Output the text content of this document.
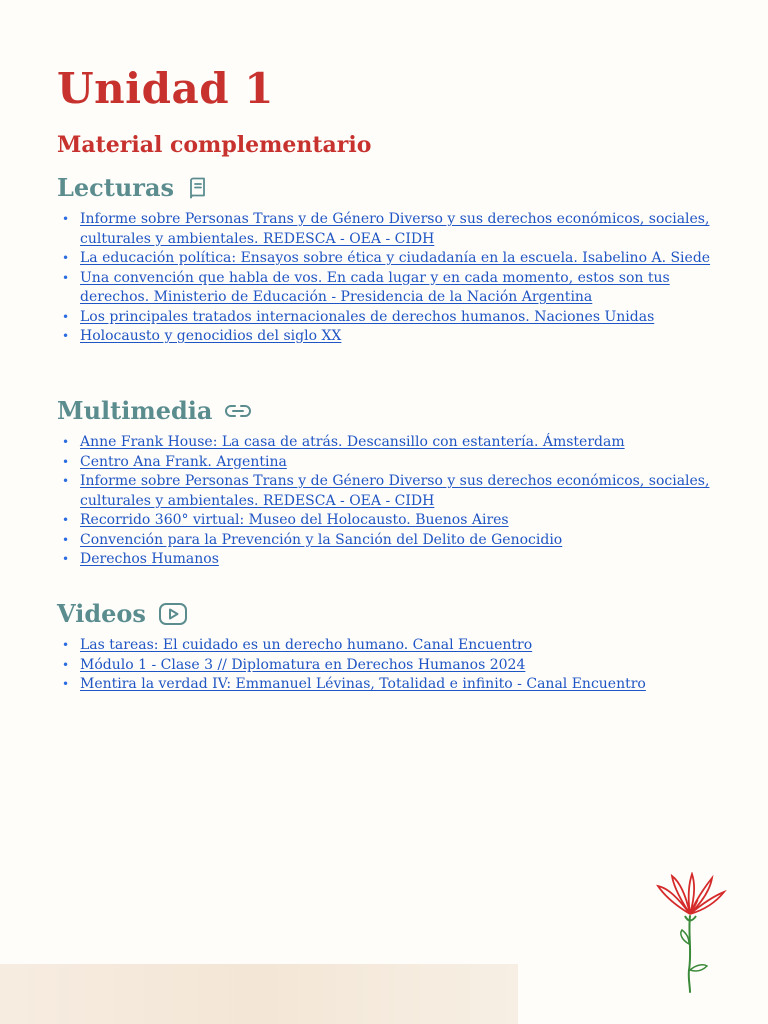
Unidad 1
Material complementario
Lecturas
• Informe sobre Personas Trans y de Género Diverso y sus derechos económicos, sociales, culturales y ambientales. REDESCA - OEA - CIDH
• La educación política: Ensayos sobre ética y ciudadanía en la escuela. Isabelino A. Siede
• Una convención que habla de vos. En cada lugar y en cada momento, estos son tus derechos. Ministerio de Educación - Presidencia de la Nación Argentina
• Los principales tratados internacionales de derechos humanos. Naciones Unidas
• Holocausto y genocidios del siglo XX
Multimedia
• Anne Frank House: La casa de atrás. Descansillo con estantería. Ámsterdam
• Centro Ana Frank. Argentina
• Informe sobre Personas Trans y de Género Diverso y sus derechos económicos, sociales, culturales y ambientales. REDESCA - OEA - CIDH
• Recorrido 360° virtual: Museo del Holocausto. Buenos Aires
• Convención para la Prevención y la Sanción del Delito de Genocidio
• Derechos Humanos
Videos
• Las tareas: El cuidado es un derecho humano. Canal Encuentro
• Módulo 1 - Clase 3 // Diplomatura en Derechos Humanos 2024
• Mentira la verdad IV: Emmanuel Lévinas, Totalidad e infinito - Canal Encuentro
